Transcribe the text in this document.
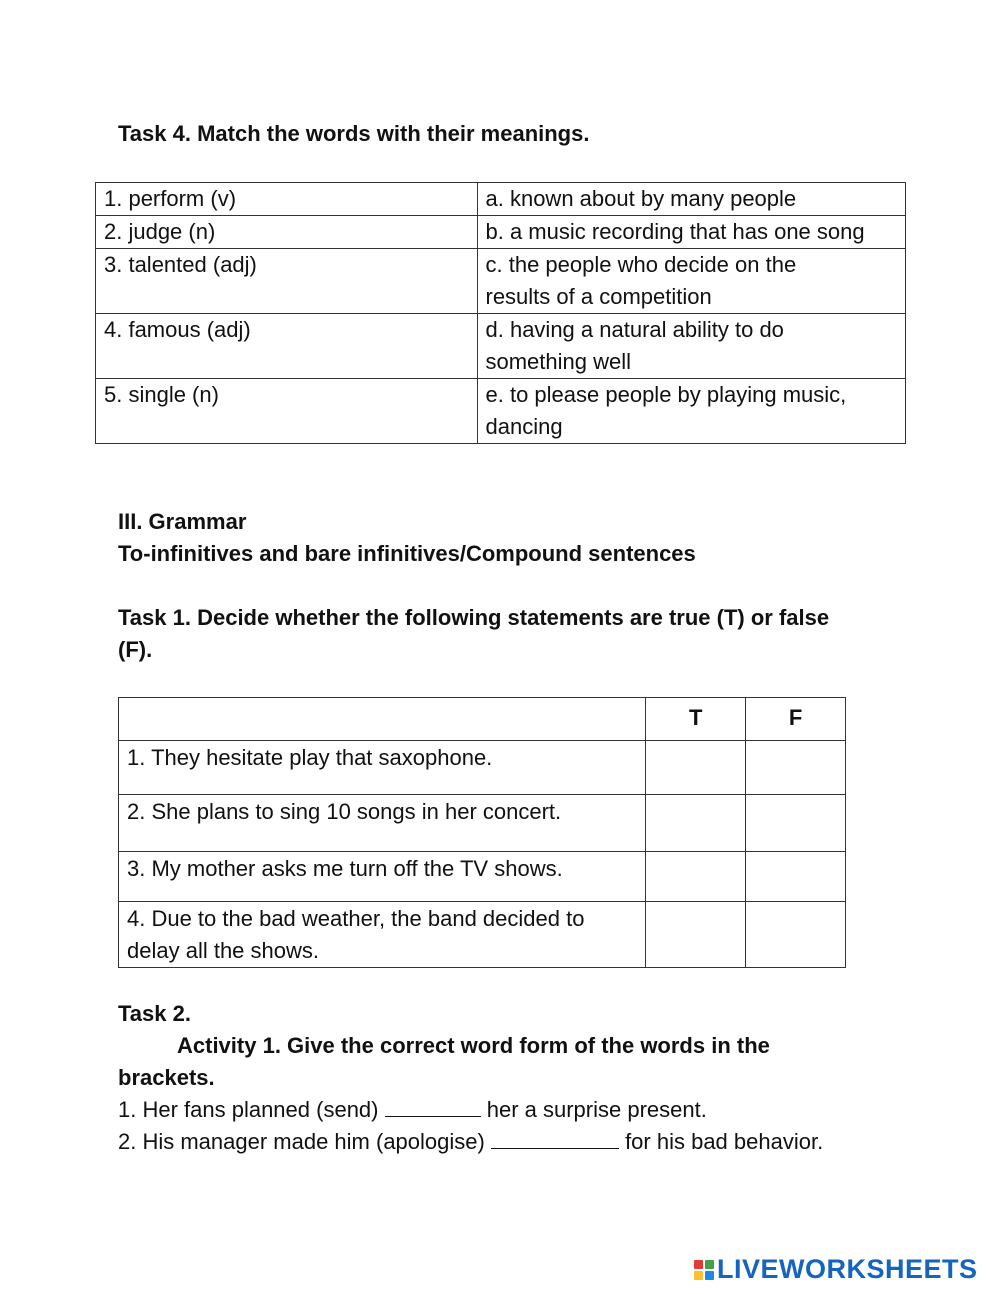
Task 4. Match the words with their meanings.
1. perform (v)	a. known about by many people
2. judge (n)	b. a music recording that has one song
3. talented (adj)	c. the people who decide on the
results of a competition
4. famous (adj)	d. having a natural ability to do
something well
5. single (n)	e. to please people by playing music,
dancing
III. Grammar
To-infinitives and bare infinitives/Compound sentences
Task 1. Decide whether the following statements are true (T) or false
(F).
	T	F
1. They hesitate play that saxophone.		
2. She plans to sing 10 songs in her concert.		
3. My mother asks me turn off the TV shows.		
4. Due to the bad weather, the band decided to
delay all the shows.		
Task 2.
Activity 1. Give the correct word form of the words in the
brackets.
1. Her fans planned (send)	her a surprise present.
2. His manager made him (apologise)	for his bad behavior.
LIVEWORKSHEETS
